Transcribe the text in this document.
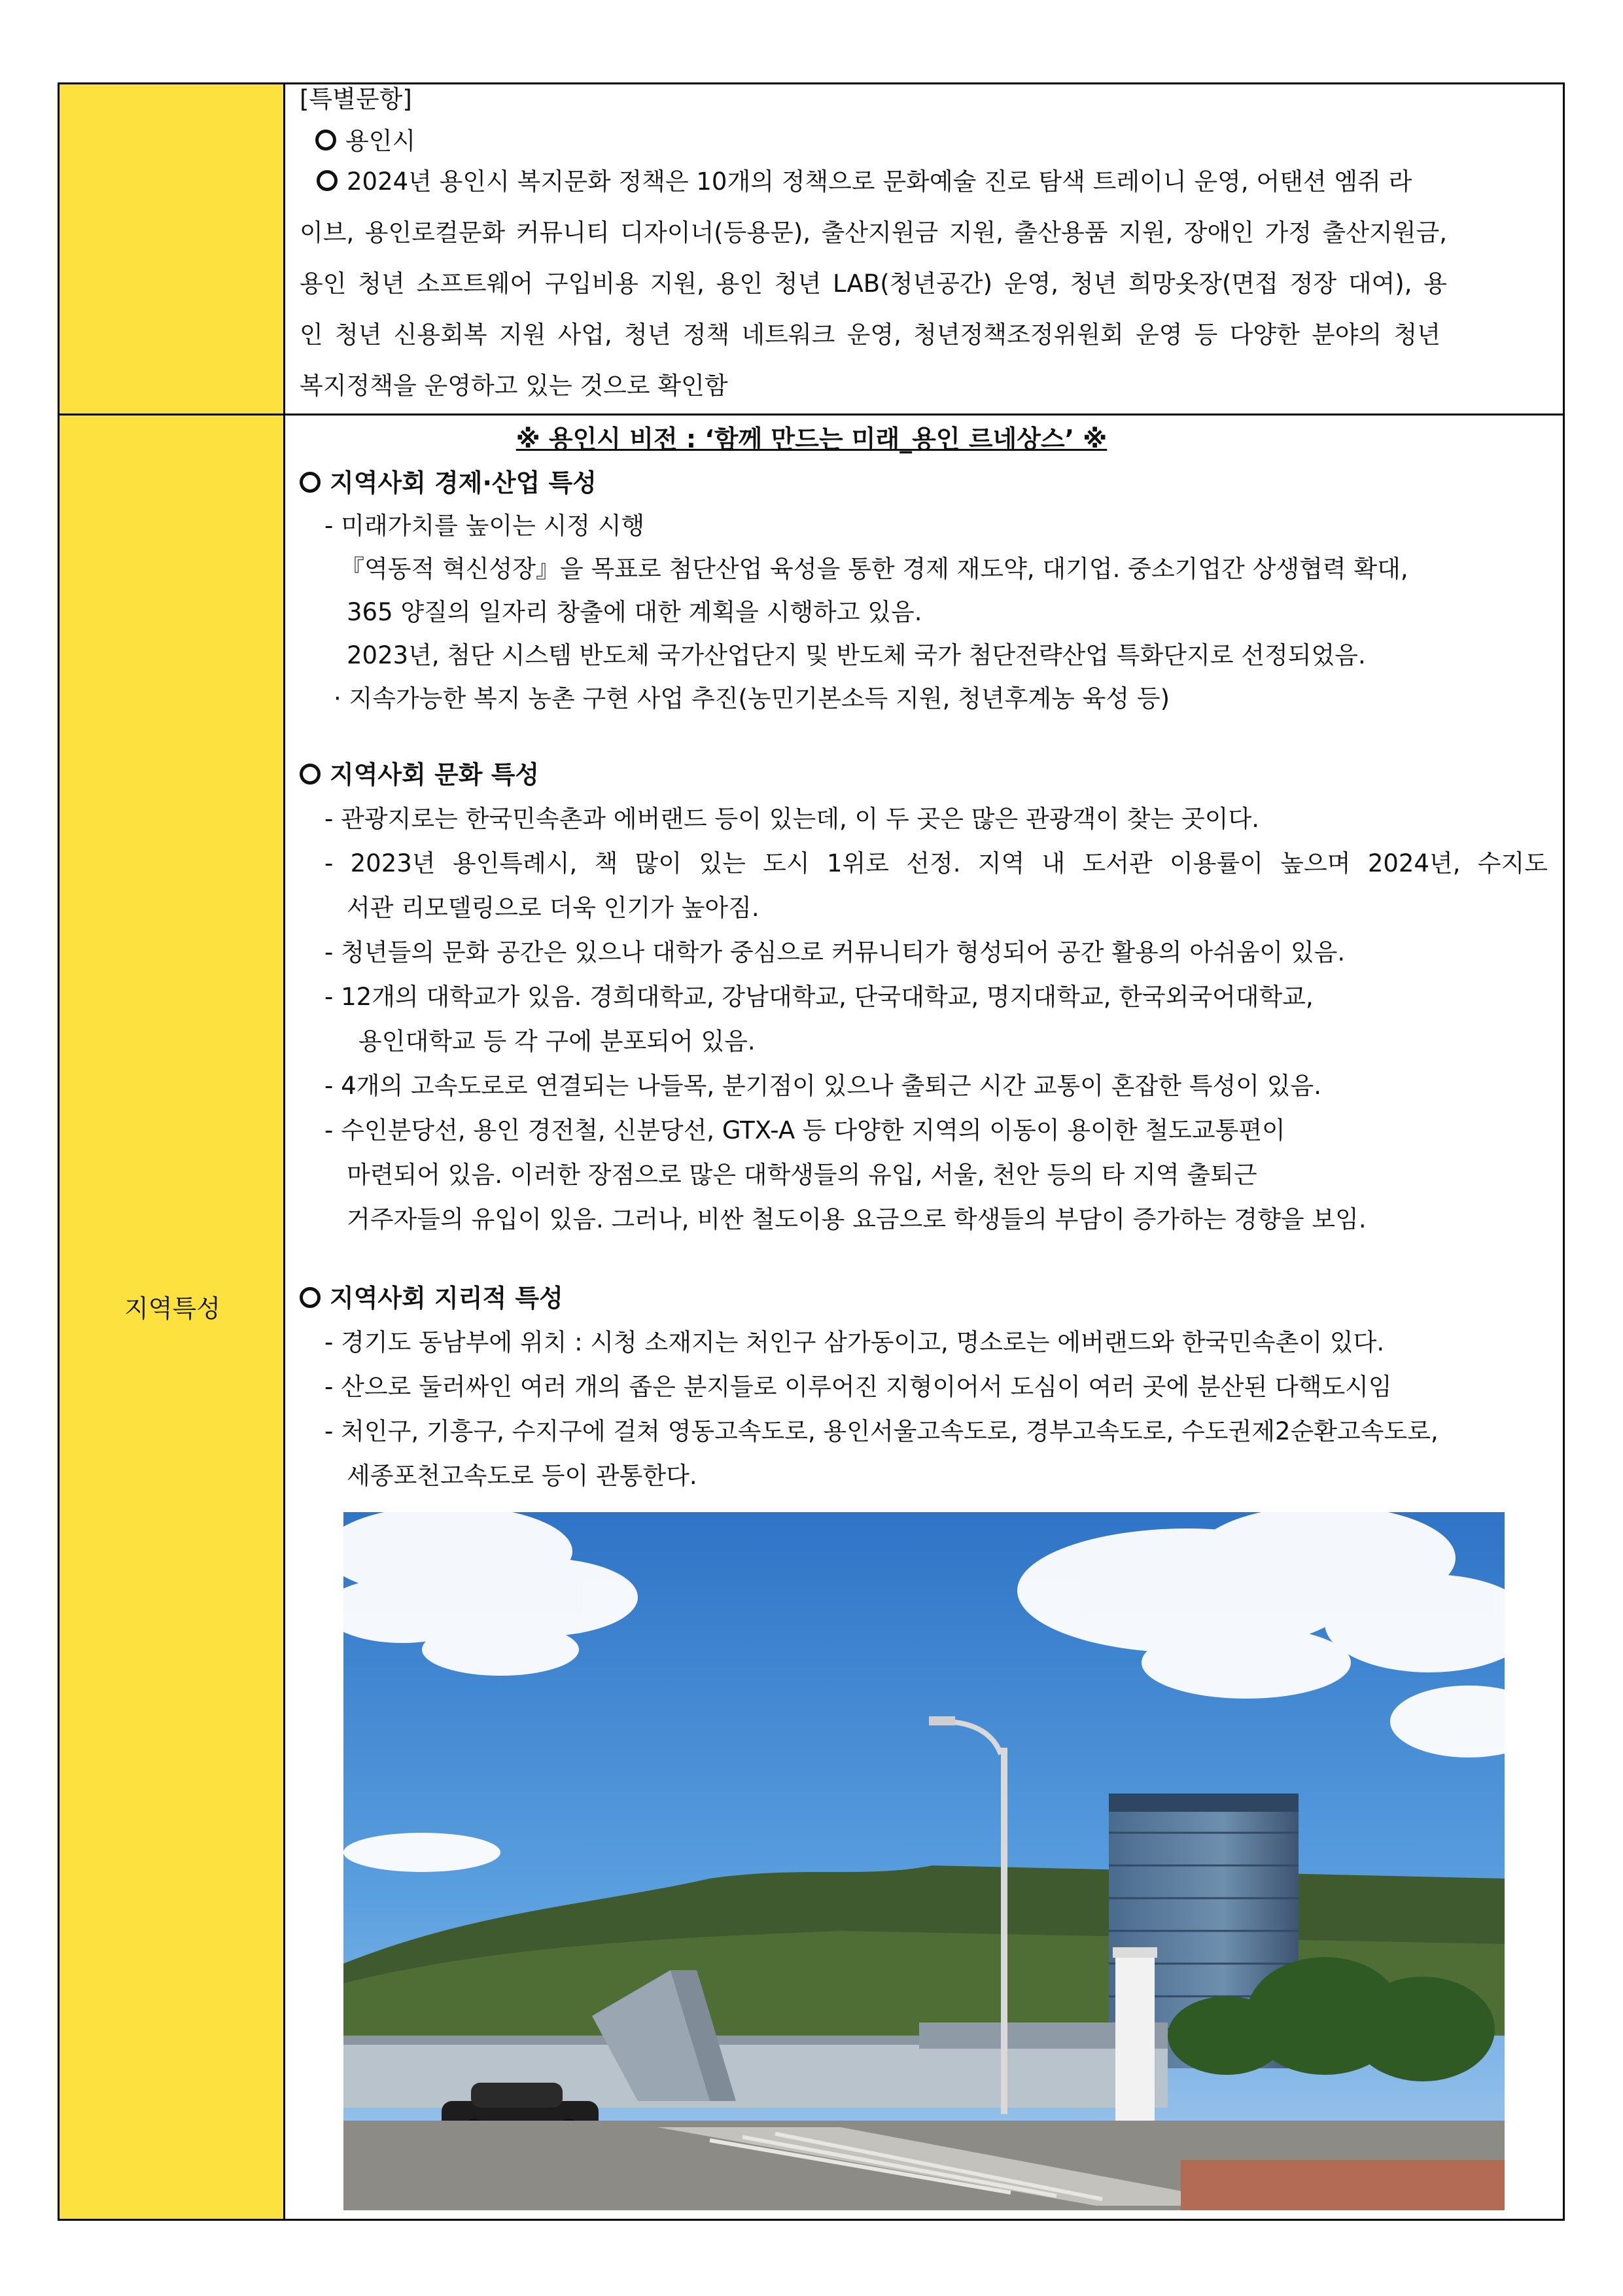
지역특성
[특별문항]
용인시
2024년 용인시 복지문화 정책은 10개의 정책으로 문화예술 진로 탐색 트레이니 운영, 어탠션 엠쥐 라
이브, 용인로컬문화 커뮤니티 디자이너(등용문), 출산지원금 지원, 출산용품 지원, 장애인 가정 출산지원금,
용인 청년 소프트웨어 구입비용 지원, 용인 청년 LAB(청년공간) 운영, 청년 희망옷장(면접 정장 대여), 용
인 청년 신용회복 지원 사업, 청년 정책 네트워크 운영, 청년정책조정위원회 운영 등 다양한 분야의 청년
복지정책을 운영하고 있는 것으로 확인함
※ 용인시 비전 : ‘함께 만드는 미래_용인 르네상스’ ※
지역사회 경제·산업 특성
- 미래가치를 높이는 시정 시행
『역동적 혁신성장』을 목표로 첨단산업 육성을 통한 경제 재도약, 대기업. 중소기업간 상생협력 확대,
365 양질의 일자리 창출에 대한 계획을 시행하고 있음.
2023년, 첨단 시스템 반도체 국가산업단지 및 반도체 국가 첨단전략산업 특화단지로 선정되었음.
· 지속가능한 복지 농촌 구현 사업 추진(농민기본소득 지원, 청년후계농 육성 등)
지역사회 문화 특성
- 관광지로는 한국민속촌과 에버랜드 등이 있는데, 이 두 곳은 많은 관광객이 찾는 곳이다.
- 2023년 용인특례시, 책 많이 있는 도시 1위로 선정. 지역 내 도서관 이용률이 높으며 2024년, 수지도
서관 리모델링으로 더욱 인기가 높아짐.
- 청년들의 문화 공간은 있으나 대학가 중심으로 커뮤니티가 형성되어 공간 활용의 아쉬움이 있음.
- 12개의 대학교가 있음. 경희대학교, 강남대학교, 단국대학교, 명지대학교, 한국외국어대학교,
용인대학교 등 각 구에 분포되어 있음.
- 4개의 고속도로로 연결되는 나들목, 분기점이 있으나 출퇴근 시간 교통이 혼잡한 특성이 있음.
- 수인분당선, 용인 경전철, 신분당선, GTX-A 등 다양한 지역의 이동이 용이한 철도교통편이
마련되어 있음. 이러한 장점으로 많은 대학생들의 유입, 서울, 천안 등의 타 지역 출퇴근
거주자들의 유입이 있음. 그러나, 비싼 철도이용 요금으로 학생들의 부담이 증가하는 경향을 보임.
지역사회 지리적 특성
- 경기도 동남부에 위치 : 시청 소재지는 처인구 삼가동이고, 명소로는 에버랜드와 한국민속촌이 있다.
- 산으로 둘러싸인 여러 개의 좁은 분지들로 이루어진 지형이어서 도심이 여러 곳에 분산된 다핵도시임
- 처인구, 기흥구, 수지구에 걸쳐 영동고속도로, 용인서울고속도로, 경부고속도로, 수도권제2순환고속도로,
세종포천고속도로 등이 관통한다.
